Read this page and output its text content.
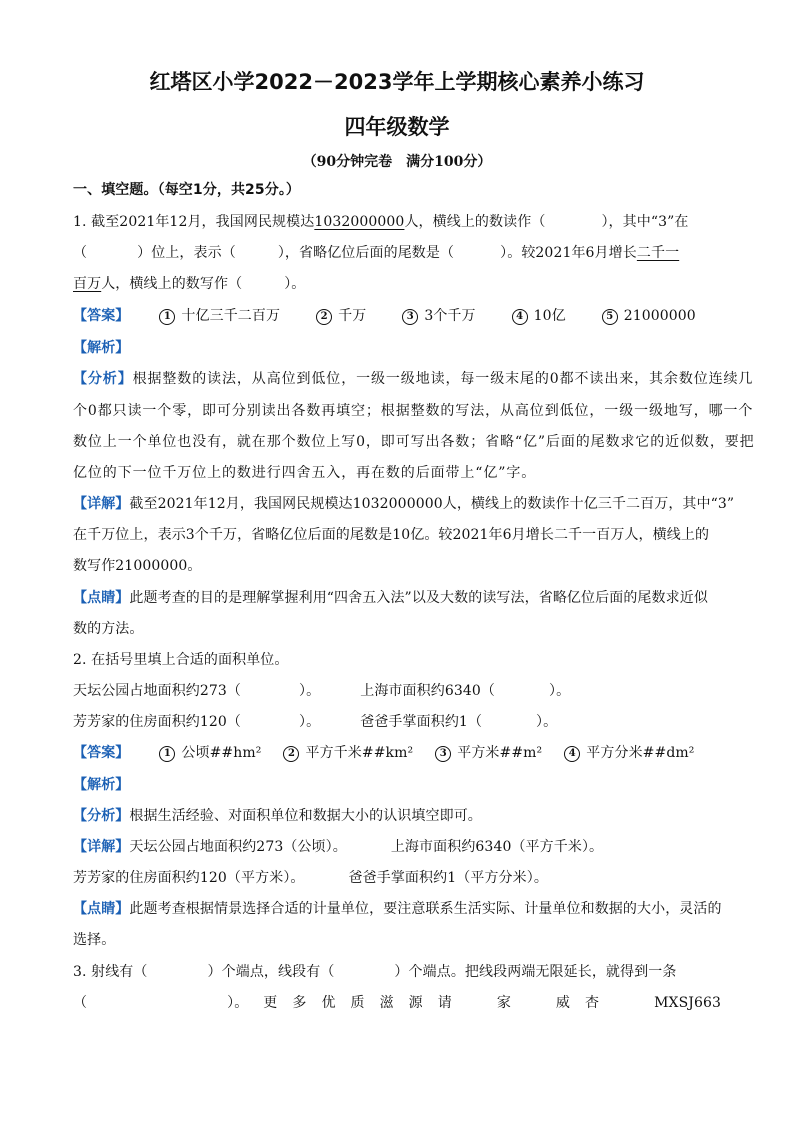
红塔区小学2022－2023学年上学期核心素养小练习
四年级数学
（90分钟完卷　满分100分）
一、填空题。（每空1分，共25分。）
1. 截至2021年12月，我国网民规模达1032000000人，横线上的数读作（	），其中“3”在
（	）位上，表示（	），省略亿位后面的尾数是（	）。较2021年6月增长二千一
百万人，横线上的数写作（	）。
【答案】	1 十亿三千二百万	2 千万	3 3个千万	4 10亿	5 21000000
【解析】
【分析】根据整数的读法，从高位到低位，一级一级地读，每一级末尾的0都不读出来，其余数位连续几
个0都只读一个零，即可分别读出各数再填空；根据整数的写法，从高位到低位，一级一级地写，哪一个
数位上一个单位也没有，就在那个数位上写0，即可写出各数；省略“亿”后面的尾数求它的近似数，要把
亿位的下一位千万位上的数进行四舍五入，再在数的后面带上“亿”字。
【详解】截至2021年12月，我国网民规模达1032000000人，横线上的数读作十亿三千二百万，其中“3”
在千万位上，表示3个千万，省略亿位后面的尾数是10亿。较2021年6月增长二千一百万人，横线上的
数写作21000000。
【点睛】此题考查的目的是理解掌握利用“四舍五入法”以及大数的读写法，省略亿位后面的尾数求近似
数的方法。
2. 在括号里填上合适的面积单位。
天坛公园占地面积约273（	）。	上海市面积约6340（	）。
芳芳家的住房面积约120（	）。	爸爸手掌面积约1（	）。
【答案】	1 公顷##hm²	2 平方千米##km²	3 平方米##m²	4 平方分米##dm²
【解析】
【分析】根据生活经验、对面积单位和数据大小的认识填空即可。
【详解】天坛公园占地面积约273（公顷）。	上海市面积约6340（平方千米）。
芳芳家的住房面积约120（平方米）。	爸爸手掌面积约1（平方分米）。
【点睛】此题考查根据情景选择合适的计量单位，要注意联系生活实际、计量单位和数据的大小，灵活的
选择。
3. 射线有（	）个端点，线段有（	）个端点。把线段两端无限延长，就得到一条
（	）。 更 多 优 质 滋 源 请	家	威 杏	MXSJ663
